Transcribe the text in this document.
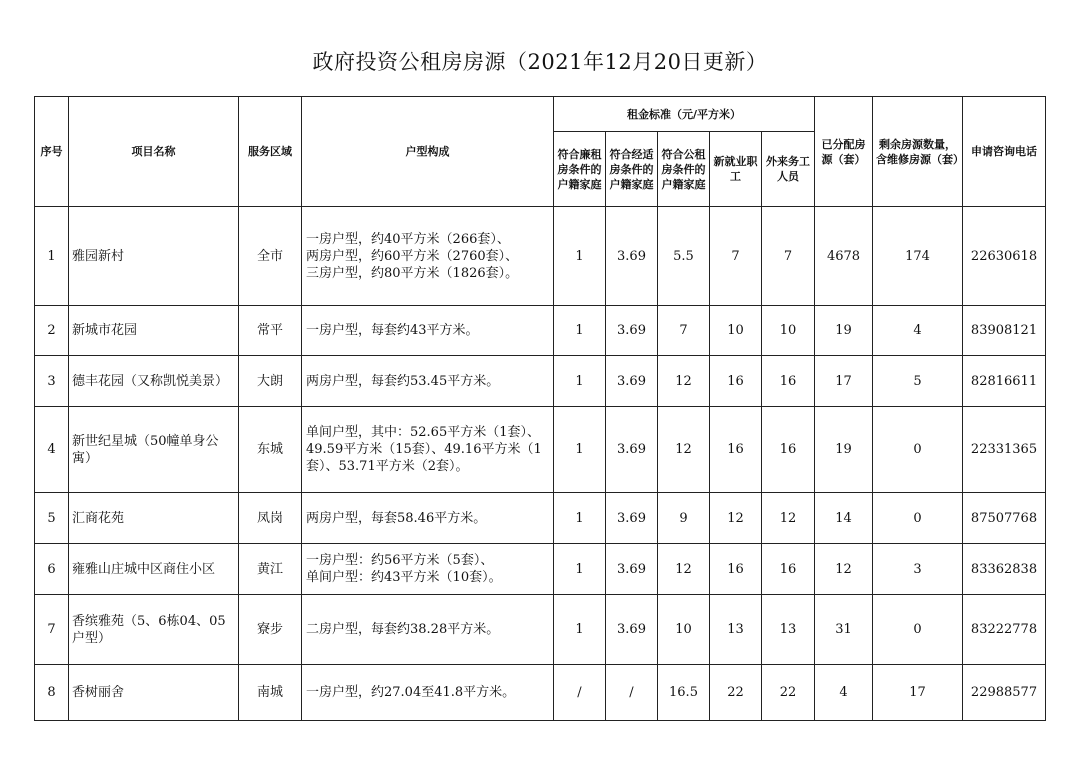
政府投资公租房房源（2021年12月20日更新）
序号	项目名称	服务区域	户型构成	租金标准（元/平方米）					已分配房源（套）	剩余房源数量，含维修房源（套）	申请咨询电话
				符合廉租房条件的户籍家庭	符合经适房条件的户籍家庭	符合公租房条件的户籍家庭	新就业职工	外来务工人员			
1	雅园新村	全市	一房户型，约40平方米（266套）、
两房户型，约60平方米（2760套）、
三房户型，约80平方米（1826套）。	1	3.69	5.5	7	7	4678	174	22630618
2	新城市花园	常平	一房户型，每套约43平方米。	1	3.69	7	10	10	19	4	83908121
3	德丰花园（又称凯悦美景）	大朗	两房户型，每套约53.45平方米。	1	3.69	12	16	16	17	5	82816611
4	新世纪星城（50幢单身公寓）	东城	单间户型，其中：52.65平方米（1套）、49.59平方米（15套）、49.16平方米（1套）、53.71平方米（2套）。	1	3.69	12	16	16	19	0	22331365
5	汇商花苑	凤岗	两房户型，每套58.46平方米。	1	3.69	9	12	12	14	0	87507768
6	雍雅山庄城中区商住小区	黄江	一房户型：约56平方米（5套）、
单间户型：约43平方米（10套）。	1	3.69	12	16	16	12	3	83362838
7	香缤雅苑（5、6栋04、05户型）	寮步	二房户型，每套约38.28平方米。	1	3.69	10	13	13	31	0	83222778
8	香树丽舍	南城	一房户型，约27.04至41.8平方米。	/	/	16.5	22	22	4	17	22988577
